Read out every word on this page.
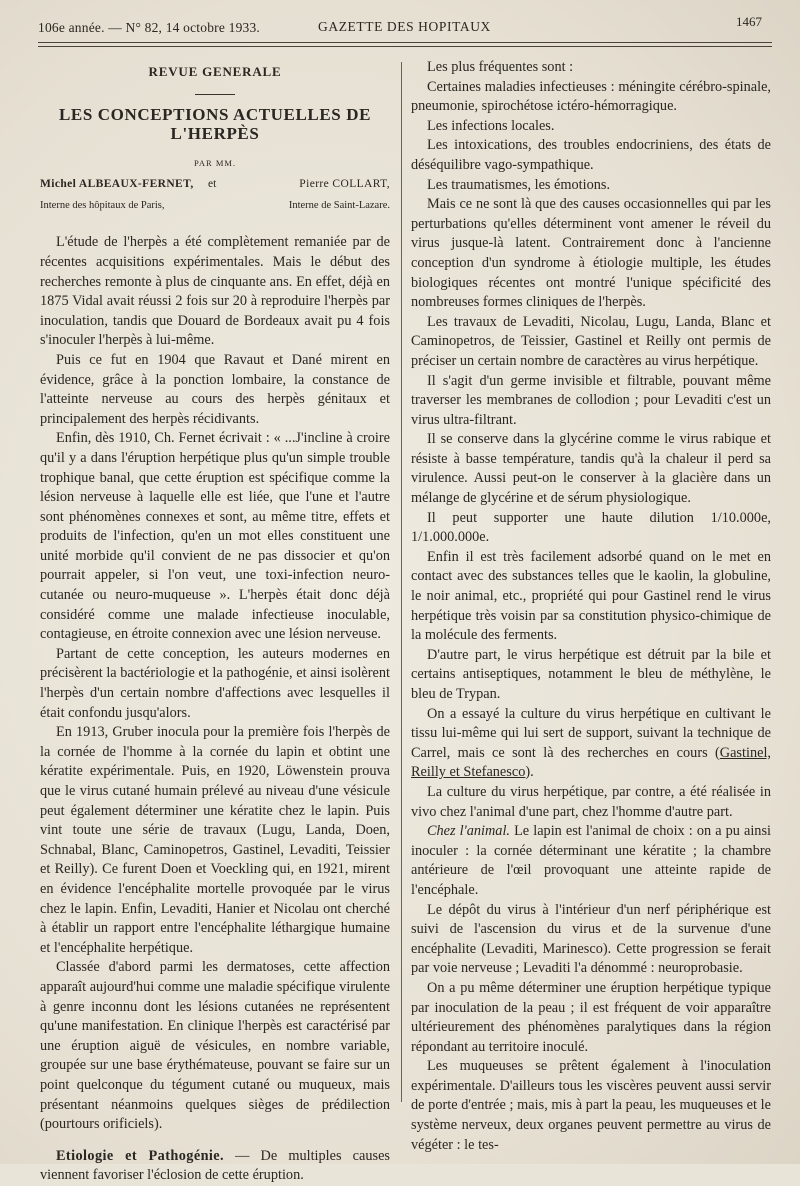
106e année. — N° 82, 14 octobre 1933.	GAZETTE DES HOPITAUX	1467
REVUE GENERALE
LES CONCEPTIONS ACTUELLES DE L'HERPÈS
PAR MM.
Michel ALBEAUX-FERNET, et	Pierre COLLART,
Interne des hôpitaux de Paris,	Interne de Saint-Lazare.

L'étude de l'herpès a été complètement remaniée par de récentes acquisitions expérimentales. Mais le début des recherches remonte à plus de cinquante ans. En effet, déjà en 1875 Vidal avait réussi 2 fois sur 20 à reproduire l'herpès par inoculation, tandis que Douard de Bordeaux avait pu 4 fois s'inoculer l'herpès à lui-même.

Puis ce fut en 1904 que Ravaut et Dané mirent en évidence, grâce à la ponction lombaire, la constance de l'atteinte nerveuse au cours des herpès génitaux et principalement des herpès récidivants.

Enfin, dès 1910, Ch. Fernet écrivait : « ...J'incline à croire qu'il y a dans l'éruption herpétique plus qu'un simple trouble trophique banal, que cette éruption est spécifique comme la lésion nerveuse à laquelle elle est liée, que l'une et l'autre sont phénomènes connexes et sont, au même titre, effets et produits de l'infection, qu'en un mot elles constituent une unité morbide qu'il convient de ne pas dissocier et qu'on pourrait appeler, si l'on veut, une toxi-infection neuro-cutanée ou neuro-muqueuse ». L'herpès était donc déjà considéré comme une malade infectieuse inoculable, contagieuse, en étroite connexion avec une lésion nerveuse.

Partant de cette conception, les auteurs modernes en précisèrent la bactériologie et la pathogénie, et ainsi isolèrent l'herpès d'un certain nombre d'affections avec lesquelles il était confondu jusqu'alors.

En 1913, Gruber inocula pour la première fois l'herpès de la cornée de l'homme à la cornée du lapin et obtint une kératite expérimentale. Puis, en 1920, Löwenstein prouva que le virus cutané humain prélevé au niveau d'une vésicule peut également déterminer une kératite chez le lapin. Puis vint toute une série de travaux (Lugu, Landa, Doen, Schnabal, Blanc, Caminopetros, Gastinel, Levaditi, Teissier et Reilly). Ce furent Doen et Voeckling qui, en 1921, mirent en évidence l'encéphalite mortelle provoquée par le virus chez le lapin. Enfin, Levaditi, Hanier et Nicolau ont cherché à établir un rapport entre l'encéphalite léthargique humaine et l'encéphalite herpétique.

Classée d'abord parmi les dermatoses, cette affection apparaît aujourd'hui comme une maladie spécifique virulente à genre inconnu dont les lésions cutanées ne représentent qu'une manifestation. En clinique l'herpès est caractérisé par une éruption aiguë de vésicules, en nombre variable, groupée sur une base érythémateuse, pouvant se faire sur un point quelconque du tégument cutané ou muqueux, mais présentant néanmoins quelques sièges de prédilection (pourtours orificiels).

Etiologie et Pathogénie. — De multiples causes viennent favoriser l'éclosion de cette éruption.

Les plus fréquentes sont :

Certaines maladies infectieuses : méningite cérébro-spinale, pneumonie, spirochétose ictéro-hémorragique.

Les infections locales.

Les intoxications, des troubles endocriniens, des états de déséquilibre vago-sympathique.

Les traumatismes, les émotions.

Mais ce ne sont là que des causes occasionnelles qui par les perturbations qu'elles déterminent vont amener le réveil du virus jusque-là latent. Contrairement donc à l'ancienne conception d'un syndrome à étiologie multiple, les études biologiques récentes ont montré l'unique spécificité des nombreuses formes cliniques de l'herpès.

Les travaux de Levaditi, Nicolau, Lugu, Landa, Blanc et Caminopetros, de Teissier, Gastinel et Reilly ont permis de préciser un certain nombre de caractères au virus herpétique.

Il s'agit d'un germe invisible et filtrable, pouvant même traverser les membranes de collodion ; pour Levaditi c'est un virus ultra-filtrant.

Il se conserve dans la glycérine comme le virus rabique et résiste à basse température, tandis qu'à la chaleur il perd sa virulence. Aussi peut-on le conserver à la glacière dans un mélange de glycérine et de sérum physiologique.

Il peut supporter une haute dilution 1/10.000e, 1/1.000.000e.

Enfin il est très facilement adsorbé quand on le met en contact avec des substances telles que le kaolin, la globuline, le noir animal, etc., propriété qui pour Gastinel rend le virus herpétique très voisin par sa constitution physico-chimique de la molécule des ferments.

D'autre part, le virus herpétique est détruit par la bile et certains antiseptiques, notamment le bleu de méthylène, le bleu de Trypan.

On a essayé la culture du virus herpétique en cultivant le tissu lui-même qui lui sert de support, suivant la technique de Carrel, mais ce sont là des recherches en cours (Gastinel, Reilly et Stefanesco).

La culture du virus herpétique, par contre, a été réalisée in vivo chez l'animal d'une part, chez l'homme d'autre part.

Chez l'animal. Le lapin est l'animal de choix : on a pu ainsi inoculer : la cornée déterminant une kératite ; la chambre antérieure de l'œil provoquant une atteinte rapide de l'encéphale.

Le dépôt du virus à l'intérieur d'un nerf périphérique est suivi de l'ascension du virus et de la survenue d'une encéphalite (Levaditi, Marinesco). Cette progression se ferait par voie nerveuse ; Levaditi l'a dénommé : neuroprobasie.

On a pu même déterminer une éruption herpétique typique par inoculation de la peau ; il est fréquent de voir apparaître ultérieurement des phénomènes paralytiques dans la région répondant au territoire inoculé.

Les muqueuses se prêtent également à l'inoculation expérimentale. D'ailleurs tous les viscères peuvent aussi servir de porte d'entrée ; mais, mis à part la peau, les muqueuses et le système nerveux, deux organes peuvent permettre au virus de végéter : le tes-
